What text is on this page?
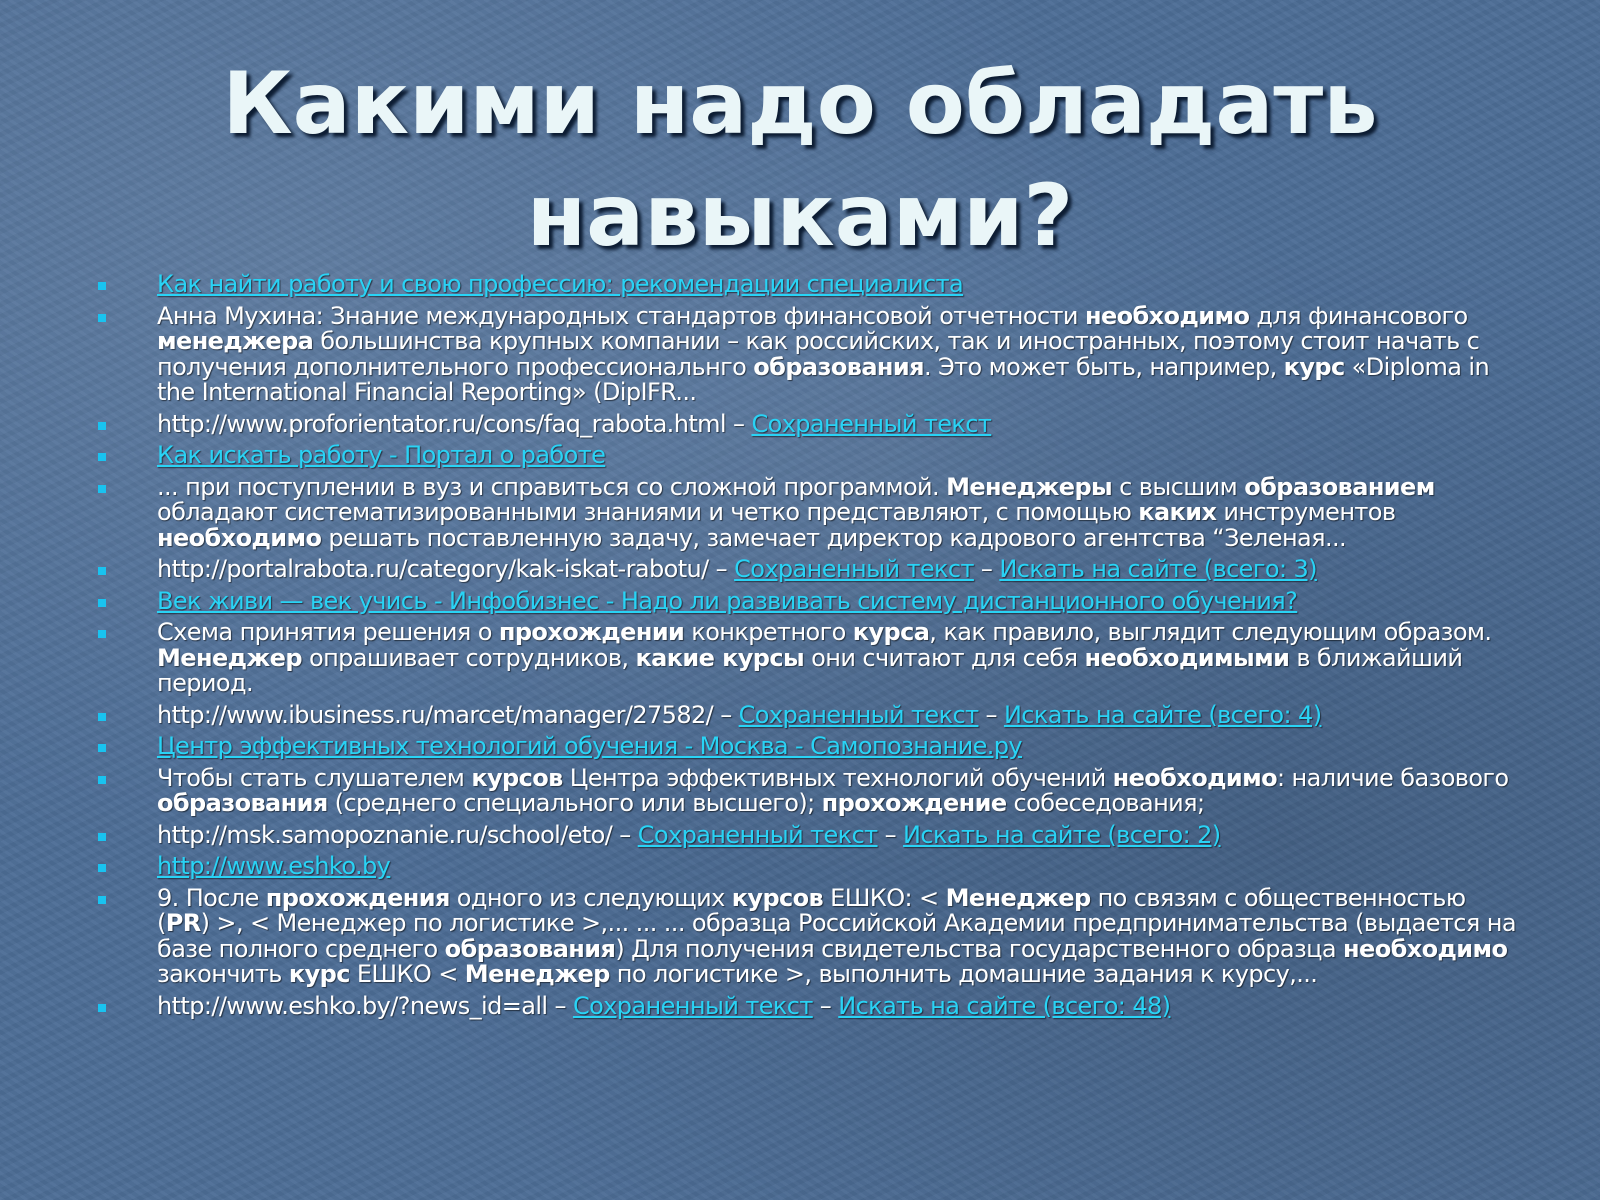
Какими надо обладать
навыками?
Как найти работу и свою профессию: рекомендации специалиста
Анна Мухина: Знание международных стандартов финансовой отчетности необходимо для финансового менеджера большинства крупных компании – как российских, так и иностранных, поэтому стоит начать с получения дополнительного профессиональнго образования. Это может быть, например, курс «Diploma in the International Financial Reporting» (DipIFR...
http://www.proforientator.ru/cons/faq_rabota.html – Сохраненный текст
Как искать работу - Портал о работе
... при поступлении в вуз и справиться со сложной программой. Менеджеры с высшим образованием обладают систематизированными знаниями и четко представляют, с помощью каких инструментов необходимо решать поставленную задачу, замечает директор кадрового агентства “Зеленая...
http://portalrabota.ru/category/kak-iskat-rabotu/ – Сохраненный текст – Искать на сайте (всего: 3)
Век живи — век учись - Инфобизнес - Надо ли развивать систему дистанционного обучения?
Схема принятия решения о прохождении конкретного курса, как правило, выглядит следующим образом. Менеджер опрашивает сотрудников, какие курсы они считают для себя необходимыми в ближайший период.
http://www.ibusiness.ru/marcet/manager/27582/ – Сохраненный текст – Искать на сайте (всего: 4)
Центр эффективных технологий обучения - Москва - Самопознание.ру
Чтобы стать слушателем курсов Центра эффективных технологий обучений необходимо: наличие базового образования (среднего специального или высшего); прохождение собеседования;
http://msk.samopoznanie.ru/school/eto/ – Сохраненный текст – Искать на сайте (всего: 2)
http://www.eshko.by
9. После прохождения одного из следующих курсов ЕШКО: < Менеджер по связям с общественностью (PR) >, < Менеджер по логистике >,... ... ... образца Российской Академии предпринимательства (выдается на базе полного среднего образования) Для получения свидетельства государственного образца необходимо закончить курс ЕШКО < Менеджер по логистике >, выполнить домашние задания к курсу,...
http://www.eshko.by/?news_id=all – Сохраненный текст – Искать на сайте (всего: 48)
